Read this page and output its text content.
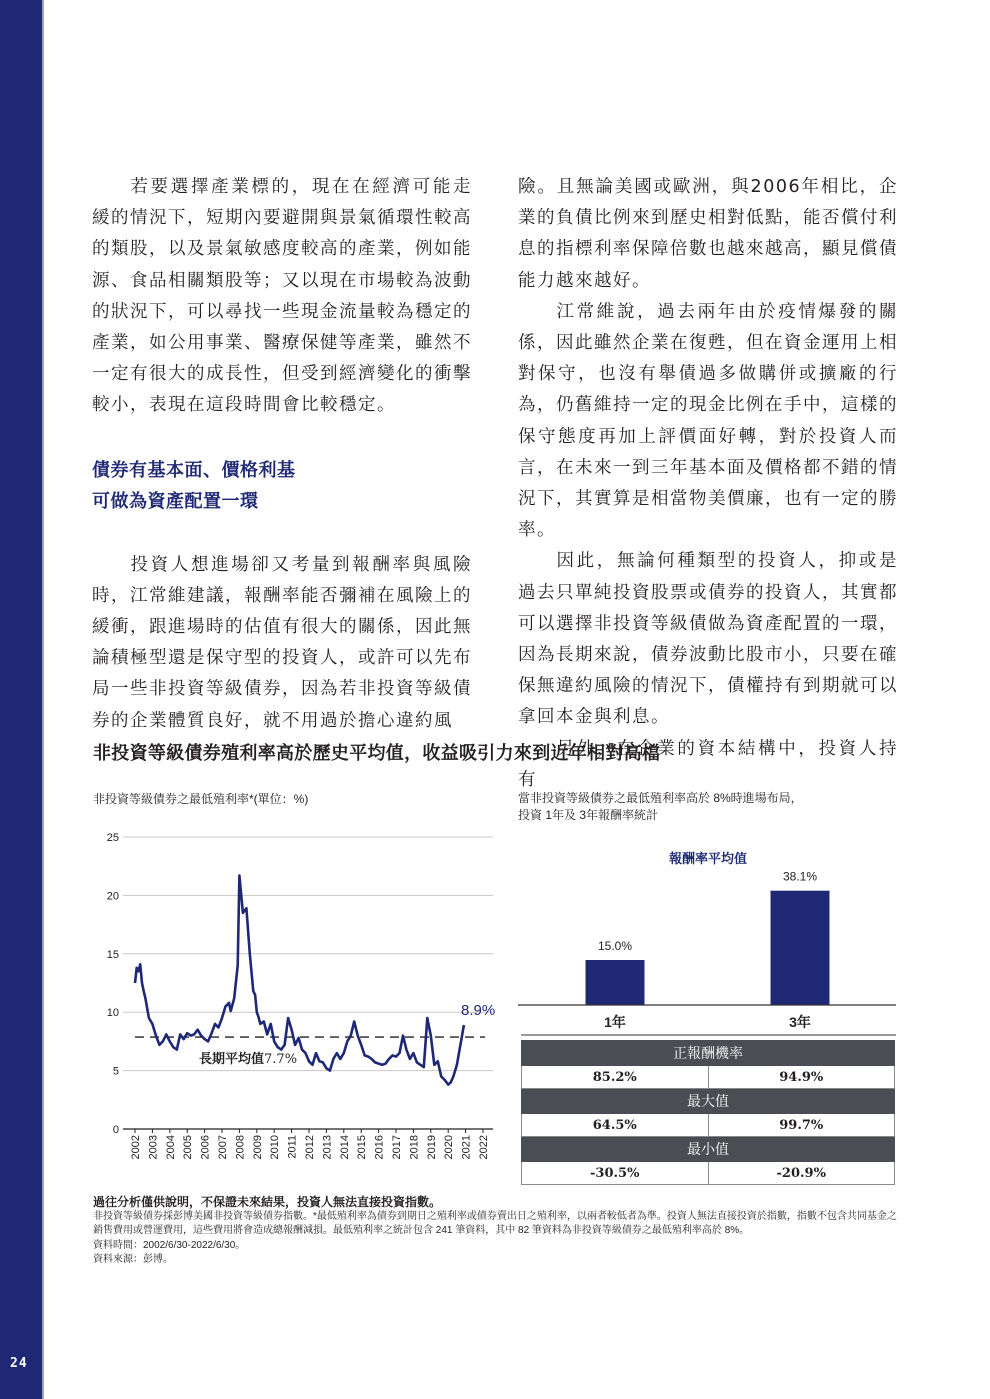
24

若要選擇產業標的，現在在經濟可能走緩的情況下，短期內要避開與景氣循環性較高的類股，以及景氣敏感度較高的產業，例如能源、食品相關類股等；又以現在市場較為波動的狀況下，可以尋找一些現金流量較為穩定的產業，如公用事業、醫療保健等產業，雖然不一定有很大的成長性，但受到經濟變化的衝擊較小，表現在這段時間會比較穩定。

債券有基本面、價格利基
可做為資產配置一環

投資人想進場卻又考量到報酬率與風險時，江常維建議，報酬率能否彌補在風險上的緩衝，跟進場時的估值有很大的關係，因此無論積極型還是保守型的投資人，或許可以先布局一些非投資等級債券，因為若非投資等級債券的企業體質良好，就不用過於擔心違約風

險。且無論美國或歐洲，與2006年相比，企業的負債比例來到歷史相對低點，能否償付利息的指標利率保障倍數也越來越高，顯見償債能力越來越好。

江常維說，過去兩年由於疫情爆發的關係，因此雖然企業在復甦，但在資金運用上相對保守，也沒有舉債過多做購併或擴廠的行為，仍舊維持一定的現金比例在手中，這樣的保守態度再加上評價面好轉，對於投資人而言，在未來一到三年基本面及價格都不錯的情況下，其實算是相當物美價廉，也有一定的勝率。

因此，無論何種類型的投資人，抑或是過去只單純投資股票或債券的投資人，其實都可以選擇非投資等級債做為資產配置的一環，因為長期來說，債券波動比股市小，只要在確保無違約風險的情況下，債權持有到期就可以拿回本金與利息。

另外，在企業的資本結構中，投資人持有

非投資等級債券殖利率高於歷史平均值，收益吸引力來到近年相對高檔
非投資等級債券之最低殖利率*(單位：%)	當非投資等級債券之最低殖利率高於 8%時進場布局，
投資 1年及 3年報酬率統計
0
5
10
15
20
25
2002 2003 2004 2005 2006 2007 2008 2009 2010 2011 2012 2013 2014 2015 2016 2017 2018 2019 2020 2021 2022
長期平均值7.7%
8.9%
報酬率平均值
15.0%
1年
38.1%
3年
正報酬機率	
85.2%	94.9%
最大值	
64.5%	99.7%
最小值	
-30.5%	-20.9%
過往分析僅供說明，不保證未來結果，投資人無法直接投資指數。
非投資等級債券採彭博美國非投資等級債券指數。*最低殖利率為債券到期日之殖利率或債券賣出日之殖利率，以兩者較低者為準。投資人無法直接投資於指數，指數不包含共同基金之銷售費用或營運費用，這些費用將會造成總報酬減損。最低殖利率之統計包含 241 筆資料，其中 82 筆資料為非投資等級債券之最低殖利率高於 8%。
資料時間：2002/6/30-2022/6/30。
資料來源：彭博。
